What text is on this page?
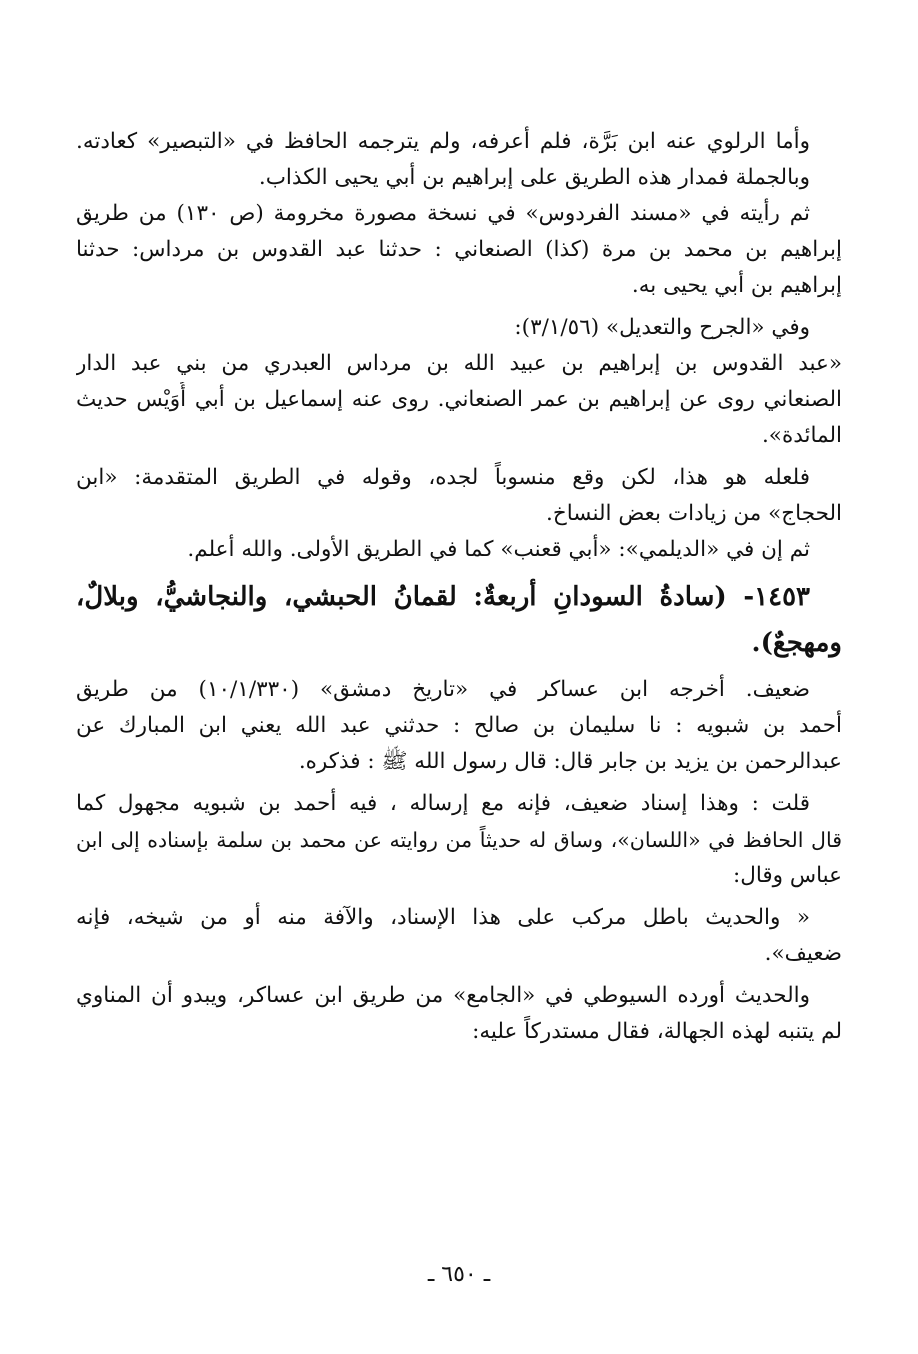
وأما الرلوي عنه ابن بَرَّة، فلم أعرفه، ولم يترجمه الحافظ في «التبصير» كعادته.
وبالجملة فمدار هذه الطريق على إبراهيم بن أبي يحيى الكذاب.
ثم رأيته في «مسند الفردوس» في نسخة مصورة مخرومة (ص ١٣٠) من طريق
إبراهيم بن محمد بن مرة (كذا) الصنعاني : حدثنا عبد القدوس بن مرداس: حدثنا
إبراهيم بن أبي يحيى به.
وفي «الجرح والتعديل» (٣/١/٥٦):
«عبد القدوس بن إبراهيم بن عبيد الله بن مرداس العبدري من بني عبد الدار
الصنعاني روى عن إبراهيم بن عمر الصنعاني. روى عنه إسماعيل بن أبي أُوَيْس حديث
المائدة».
فلعله هو هذا، لكن وقع منسوباً لجده، وقوله في الطريق المتقدمة: «ابن
الحجاج» من زيادات بعض النساخ.
ثم إن في «الديلمي»: «أبي قعنب» كما في الطريق الأولى. والله أعلم.
١٤٥٣- (سادةُ السودانِ أربعةٌ: لقمانُ الحبشي، والنجاشيُّ، وبلالٌ،
ومهجعٌ).
ضعيف. أخرجه ابن عساكر في «تاريخ دمشق» (١٠/١/٣٣٠) من طريق
أحمد بن شبويه : نا سليمان بن صالح : حدثني عبد الله يعني ابن المبارك عن
عبدالرحمن بن يزيد بن جابر قال: قال رسول الله ﷺ : فذكره.
قلت : وهذا إسناد ضعيف، فإنه مع إرساله ، فيه أحمد بن شبويه مجهول كما
قال الحافظ في «اللسان»، وساق له حديثاً من روايته عن محمد بن سلمة بإسناده إلى ابن
عباس وقال:
« والحديث باطل مركب على هذا الإسناد، والآفة منه أو من شيخه، فإنه
ضعيف».
والحديث أورده السيوطي في «الجامع» من طريق ابن عساكر، ويبدو أن المناوي
لم يتنبه لهذه الجهالة، فقال مستدركاً عليه:
ـ ٦٥٠ ـ
